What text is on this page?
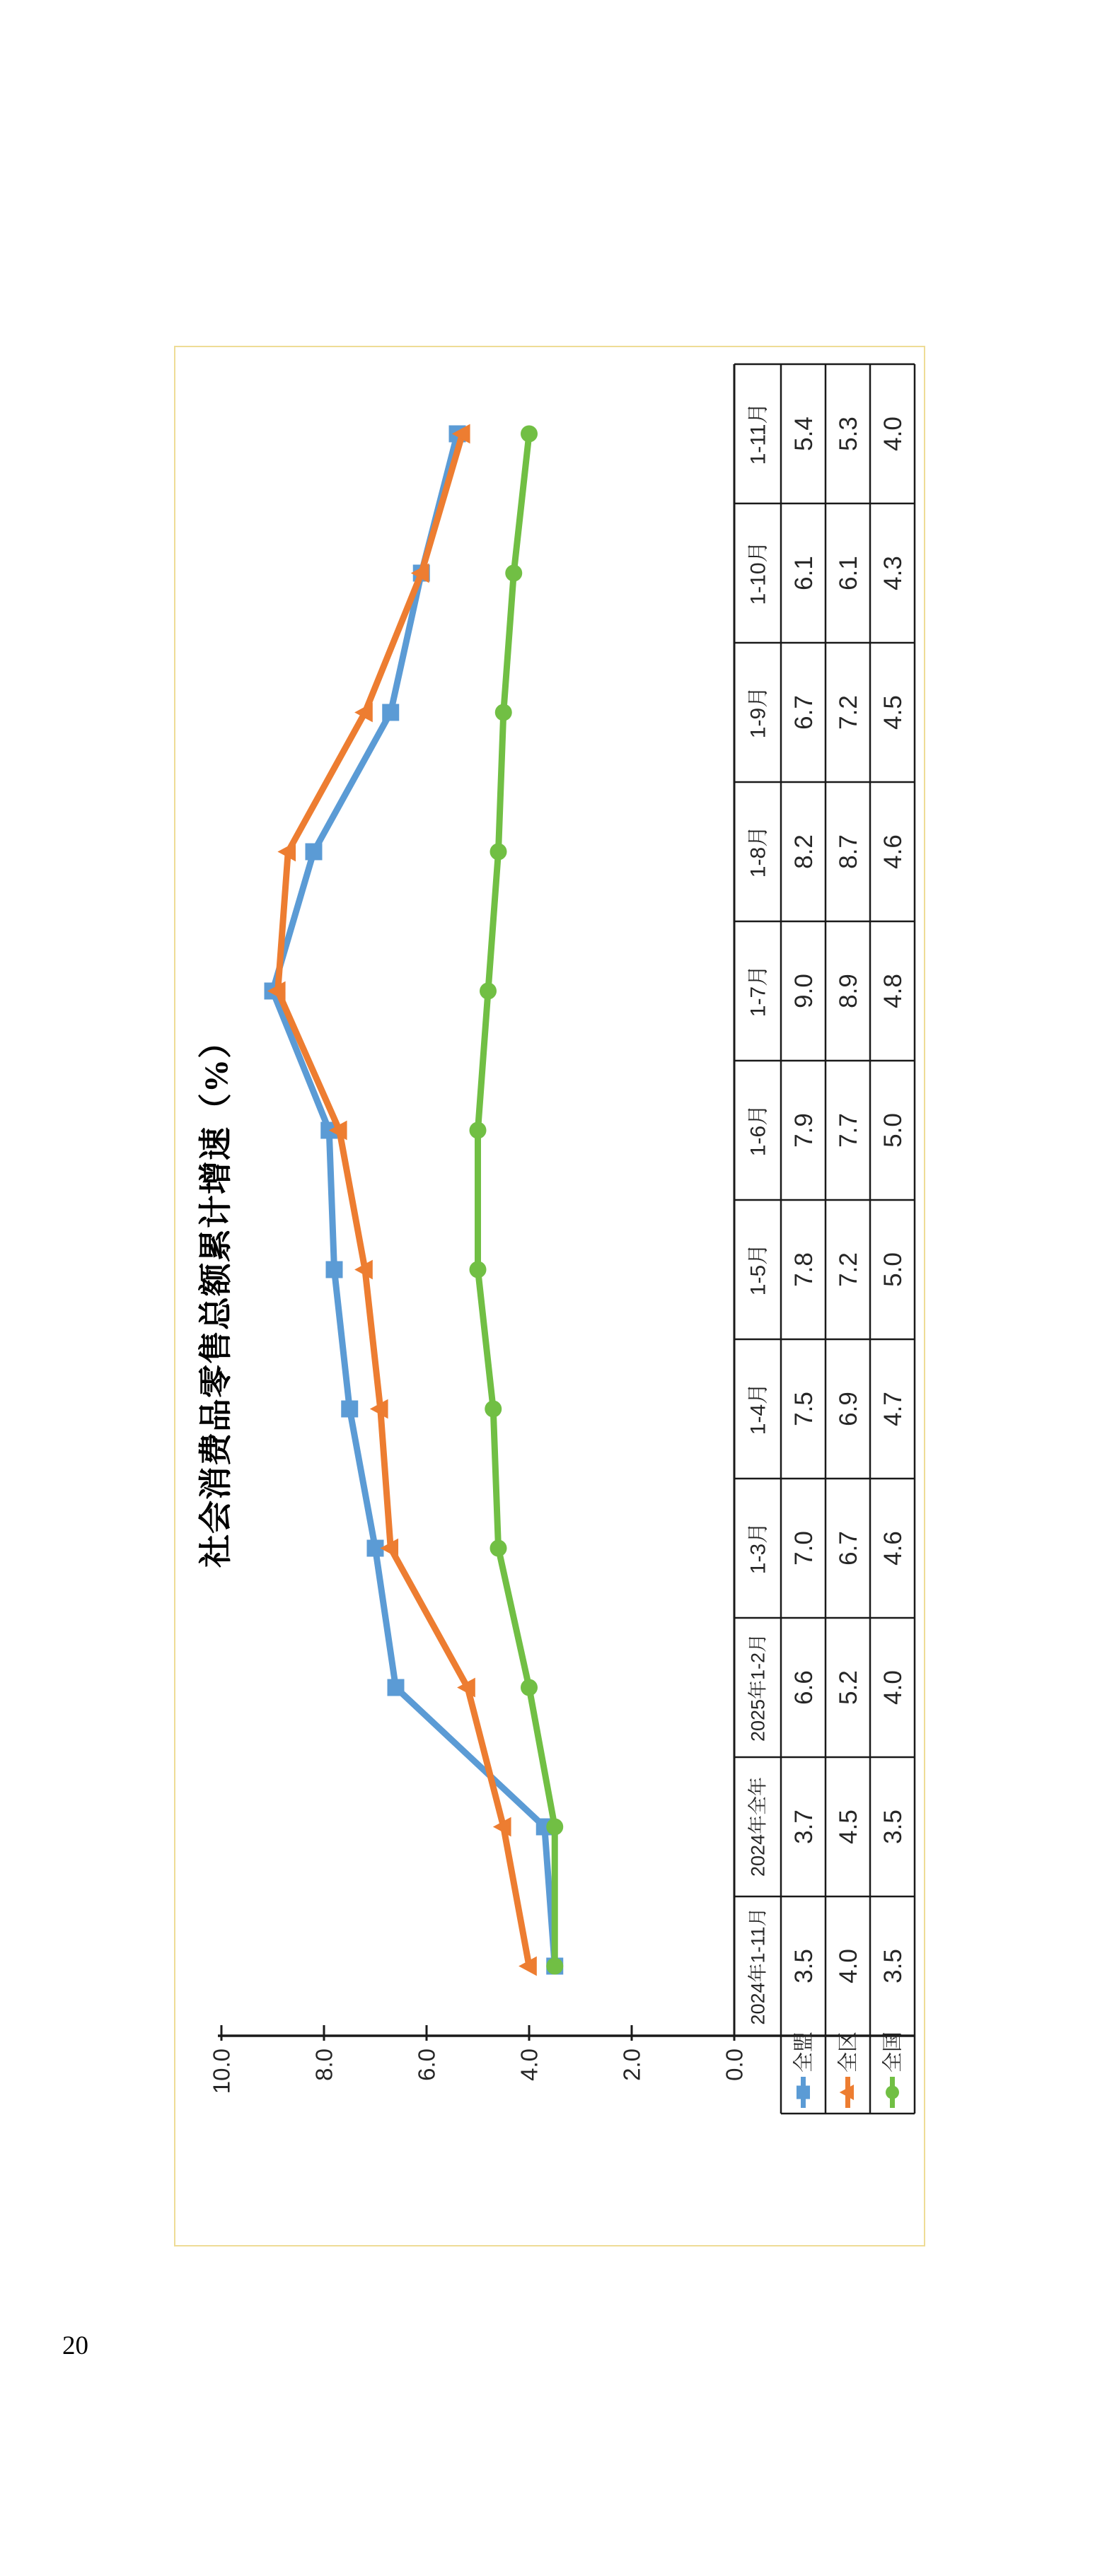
社会消费品零售总额累计增速（%）
0.0
2.0
4.0
6.0
8.0
10.0
2024年1-11月
2024年全年
2025年1-2月
1-3月
1-4月
1-5月
1-6月
1-7月
1-8月
1-9月
1-10月
1-11月
3.5
3.7
6.6
7.0
7.5
7.8
7.9
9.0
8.2
6.7
6.1
5.4
全盟
4.0
4.5
5.2
6.7
6.9
7.2
7.7
8.9
8.7
7.2
6.1
5.3
全区
3.5
3.5
4.0
4.6
4.7
5.0
5.0
4.8
4.6
4.5
4.3
4.0
全国
20
